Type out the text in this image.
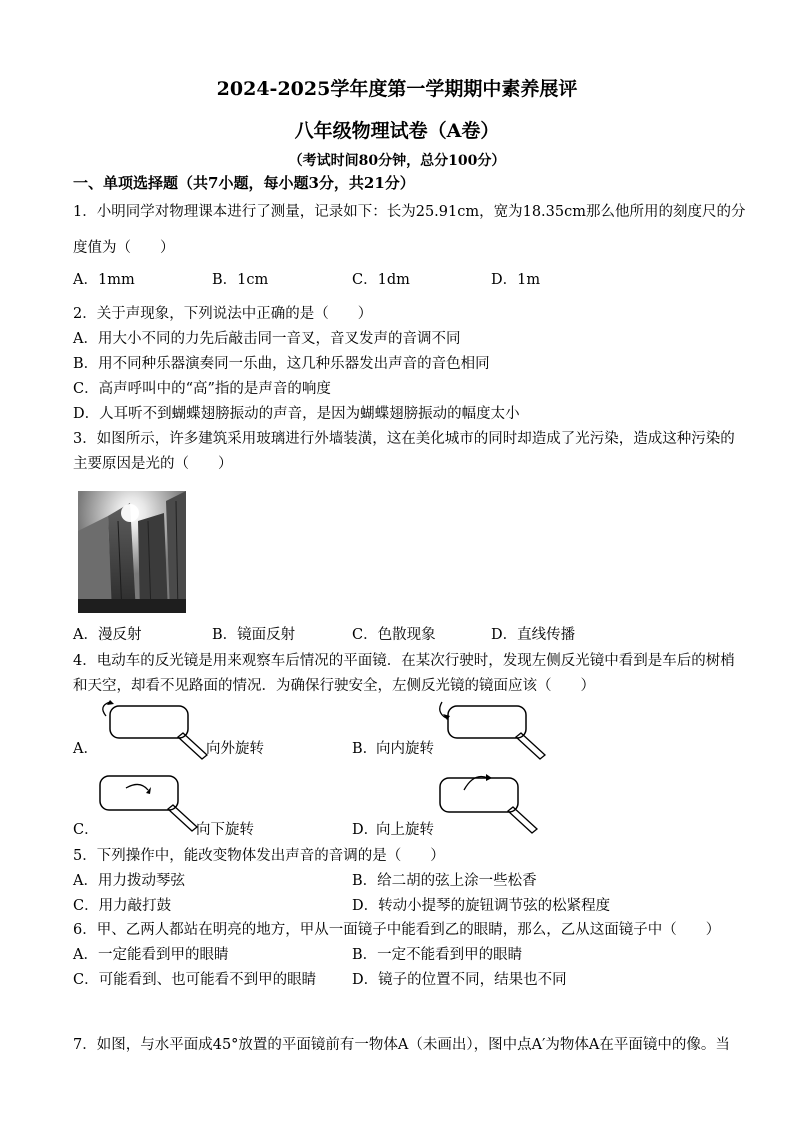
2024-2025学年度第一学期期中素养展评
八年级物理试卷（A卷）
（考试时间80分钟，总分100分）
一、单项选择题（共7小题，每小题3分，共21分）
1．小明同学对物理课本进行了测量，记录如下：长为25.91cm，宽为18.35cm那么他所用的刻度尺的分
度值为（　　）
A．1mm	B．1cm	C．1dm	D．1m
2．关于声现象，下列说法中正确的是（　　）
A．用大小不同的力先后敲击同一音叉，音叉发声的音调不同
B．用不同种乐器演奏同一乐曲，这几种乐器发出声音的音色相同
C．高声呼叫中的“高”指的是声音的响度
D．人耳听不到蝴蝶翅膀振动的声音，是因为蝴蝶翅膀振动的幅度太小
3．如图所示，许多建筑采用玻璃进行外墙装潢，这在美化城市的同时却造成了光污染，造成这种污染的
主要原因是光的（　　）
A．漫反射	B．镜面反射	C．色散现象	D．直线传播
4．电动车的反光镜是用来观察车后情况的平面镜．在某次行驶时，发现左侧反光镜中看到是车后的树梢
和天空，却看不见路面的情况．为确保行驶安全，左侧反光镜的镜面应该（　　）
A．	向外旋转	B．
向内旋转
C．	向下旋转	D．
向上旋转
5．下列操作中，能改变物体发出声音的音调的是（　　）
A．用力拨动琴弦	B．给二胡的弦上涂一些松香
C．用力敲打鼓	D．转动小提琴的旋钮调节弦的松紧程度
6．甲、乙两人都站在明亮的地方，甲从一面镜子中能看到乙的眼睛，那么，乙从这面镜子中（　　）
A．一定能看到甲的眼睛	B．一定不能看到甲的眼睛
C．可能看到、也可能看不到甲的眼睛 D．镜子的位置不同，结果也不同
7．如图，与水平面成45°放置的平面镜前有一物体A（未画出），图中点A′为物体A在平面镜中的像。当
